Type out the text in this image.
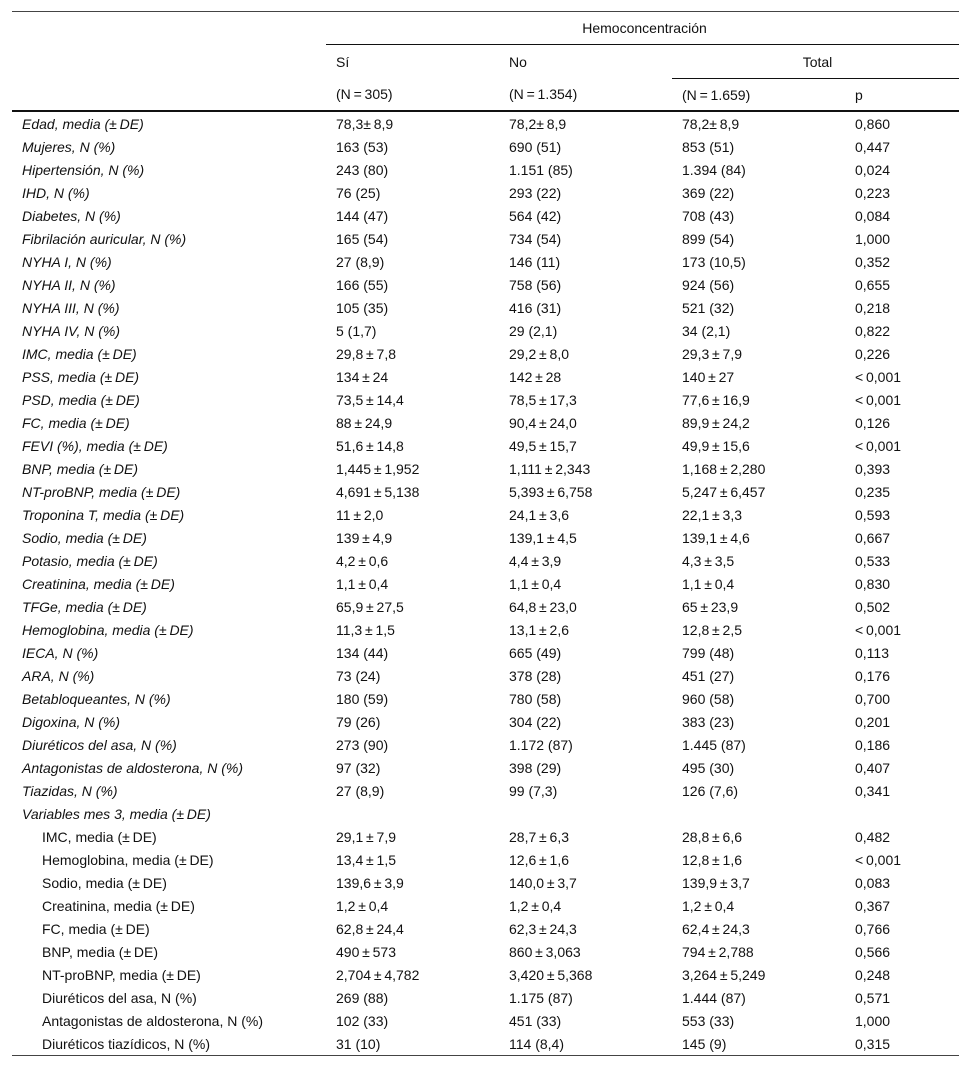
	Hemoconcentración			
	Sí	No	Total	
	(N = 305)	(N = 1.354)	(N = 1.659)	p
Edad, media (± DE)	78,3± 8,9	78,2± 8,9	78,2± 8,9	0,860
Mujeres, N (%)	163 (53)	690 (51)	853 (51)	0,447
Hipertensión, N (%)	243 (80)	1.151 (85)	1.394 (84)	0,024
IHD, N (%)	76 (25)	293 (22)	369 (22)	0,223
Diabetes, N (%)	144 (47)	564 (42)	708 (43)	0,084
Fibrilación auricular, N (%)	165 (54)	734 (54)	899 (54)	1,000
NYHA I, N (%)	27 (8,9)	146 (11)	173 (10,5)	0,352
NYHA II, N (%)	166 (55)	758 (56)	924 (56)	0,655
NYHA III, N (%)	105 (35)	416 (31)	521 (32)	0,218
NYHA IV, N (%)	5 (1,7)	29 (2,1)	34 (2,1)	0,822
IMC, media (± DE)	29,8 ± 7,8	29,2 ± 8,0	29,3 ± 7,9	0,226
PSS, media (± DE)	134 ± 24	142 ± 28	140 ± 27	< 0,001
PSD, media (± DE)	73,5 ± 14,4	78,5 ± 17,3	77,6 ± 16,9	< 0,001
FC, media (± DE)	88 ± 24,9	90,4 ± 24,0	89,9 ± 24,2	0,126
FEVI (%), media (± DE)	51,6 ± 14,8	49,5 ± 15,7	49,9 ± 15,6	< 0,001
BNP, media (± DE)	1,445 ± 1,952	1,111 ± 2,343	1,168 ± 2,280	0,393
NT-proBNP, media (± DE)	4,691 ± 5,138	5,393 ± 6,758	5,247 ± 6,457	0,235
Troponina T, media (± DE)	11 ± 2,0	24,1 ± 3,6	22,1 ± 3,3	0,593
Sodio, media (± DE)	139 ± 4,9	139,1 ± 4,5	139,1 ± 4,6	0,667
Potasio, media (± DE)	4,2 ± 0,6	4,4 ± 3,9	4,3 ± 3,5	0,533
Creatinina, media (± DE)	1,1 ± 0,4	1,1 ± 0,4	1,1 ± 0,4	0,830
TFGe, media (± DE)	65,9 ± 27,5	64,8 ± 23,0	65 ± 23,9	0,502
Hemoglobina, media (± DE)	11,3 ± 1,5	13,1 ± 2,6	12,8 ± 2,5	< 0,001
IECA, N (%)	134 (44)	665 (49)	799 (48)	0,113
ARA, N (%)	73 (24)	378 (28)	451 (27)	0,176
Betabloqueantes, N (%)	180 (59)	780 (58)	960 (58)	0,700
Digoxina, N (%)	79 (26)	304 (22)	383 (23)	0,201
Diuréticos del asa, N (%)	273 (90)	1.172 (87)	1.445 (87)	0,186
Antagonistas de aldosterona, N (%)	97 (32)	398 (29)	495 (30)	0,407
Tiazidas, N (%)	27 (8,9)	99 (7,3)	126 (7,6)	0,341
Variables mes 3, media (± DE)				
IMC, media (± DE)	29,1 ± 7,9	28,7 ± 6,3	28,8 ± 6,6	0,482
Hemoglobina, media (± DE)	13,4 ± 1,5	12,6 ± 1,6	12,8 ± 1,6	< 0,001
Sodio, media (± DE)	139,6 ± 3,9	140,0 ± 3,7	139,9 ± 3,7	0,083
Creatinina, media (± DE)	1,2 ± 0,4	1,2 ± 0,4	1,2 ± 0,4	0,367
FC, media (± DE)	62,8 ± 24,4	62,3 ± 24,3	62,4 ± 24,3	0,766
BNP, media (± DE)	490 ± 573	860 ± 3,063	794 ± 2,788	0,566
NT-proBNP, media (± DE)	2,704 ± 4,782	3,420 ± 5,368	3,264 ± 5,249	0,248
Diuréticos del asa, N (%)	269 (88)	1.175 (87)	1.444 (87)	0,571
Antagonistas de aldosterona, N (%)	102 (33)	451 (33)	553 (33)	1,000
Diuréticos tiazídicos, N (%)	31 (10)	114 (8,4)	145 (9)	0,315
